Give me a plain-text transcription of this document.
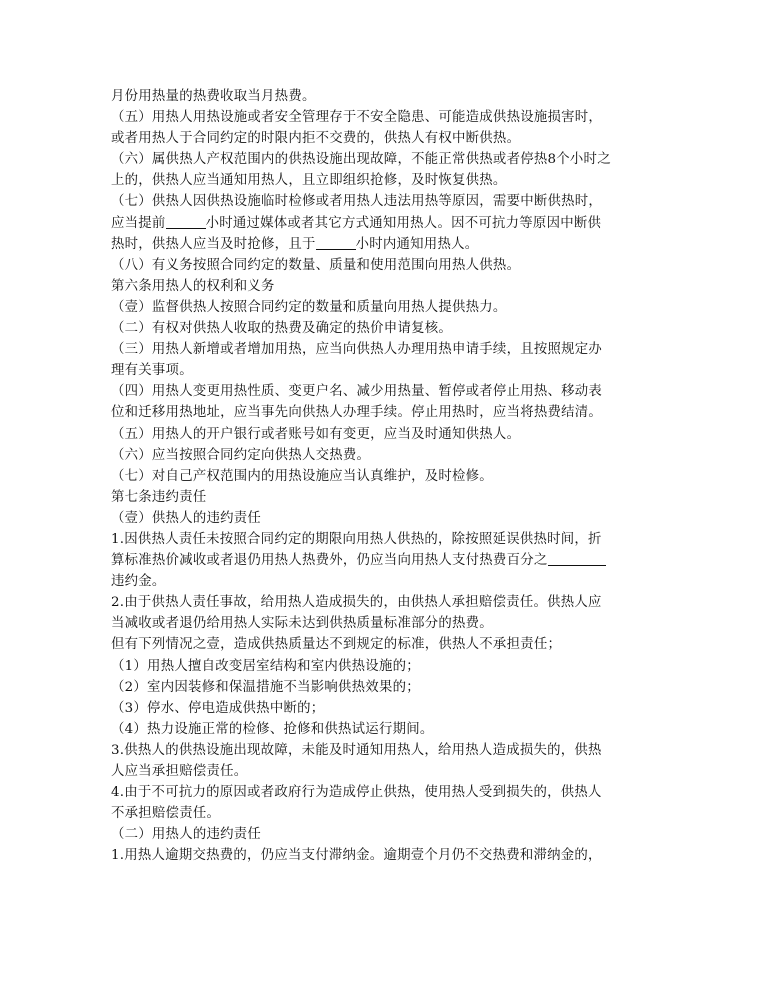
月份用热量的热费收取当月热费。
（五）用热人用热设施或者安全管理存于不安全隐患、可能造成供热设施损害时，
或者用热人于合同约定的时限内拒不交费的，供热人有权中断供热。
（六）属供热人产权范围内的供热设施出现故障，不能正常供热或者停热8个小时之
上的，供热人应当通知用热人，且立即组织抢修，及时恢复供热。
（七）供热人因供热设施临时检修或者用热人违法用热等原因，需要中断供热时，
应当提前	小时通过媒体或者其它方式通知用热人。因不可抗力等原因中断供
热时，供热人应当及时抢修，且于	小时内通知用热人。
（八）有义务按照合同约定的数量、质量和使用范围向用热人供热。
第六条用热人的权利和义务
（壹）监督供热人按照合同约定的数量和质量向用热人提供热力。
（二）有权对供热人收取的热费及确定的热价申请复核。
（三）用热人新增或者增加用热，应当向供热人办理用热申请手续，且按照规定办
理有关事项。
（四）用热人变更用热性质、变更户名、减少用热量、暂停或者停止用热、移动表
位和迁移用热地址，应当事先向供热人办理手续。停止用热时，应当将热费结清。
（五）用热人的开户银行或者账号如有变更，应当及时通知供热人。
（六）应当按照合同约定向供热人交热费。
（七）对自己产权范围内的用热设施应当认真维护，及时检修。
第七条违约责任
（壹）供热人的违约责任
1.因供热人责任未按照合同约定的期限向用热人供热的，除按照延误供热时间，折
算标准热价减收或者退仍用热人热费外，仍应当向用热人支付热费百分之
违约金。
2.由于供热人责任事故，给用热人造成损失的，由供热人承担赔偿责任。供热人应
当减收或者退仍给用热人实际未达到供热质量标准部分的热费。
但有下列情况之壹，造成供热质量达不到规定的标准，供热人不承担责任；
（1）用热人擅自改变居室结构和室内供热设施的；
（2）室内因装修和保温措施不当影响供热效果的；
（3）停水、停电造成供热中断的；
（4）热力设施正常的检修、抢修和供热试运行期间。
3.供热人的供热设施出现故障，未能及时通知用热人，给用热人造成损失的，供热
人应当承担赔偿责任。
4.由于不可抗力的原因或者政府行为造成停止供热，使用热人受到损失的，供热人
不承担赔偿责任。
（二）用热人的违约责任
1.用热人逾期交热费的，仍应当支付滞纳金。逾期壹个月仍不交热费和滞纳金的，
